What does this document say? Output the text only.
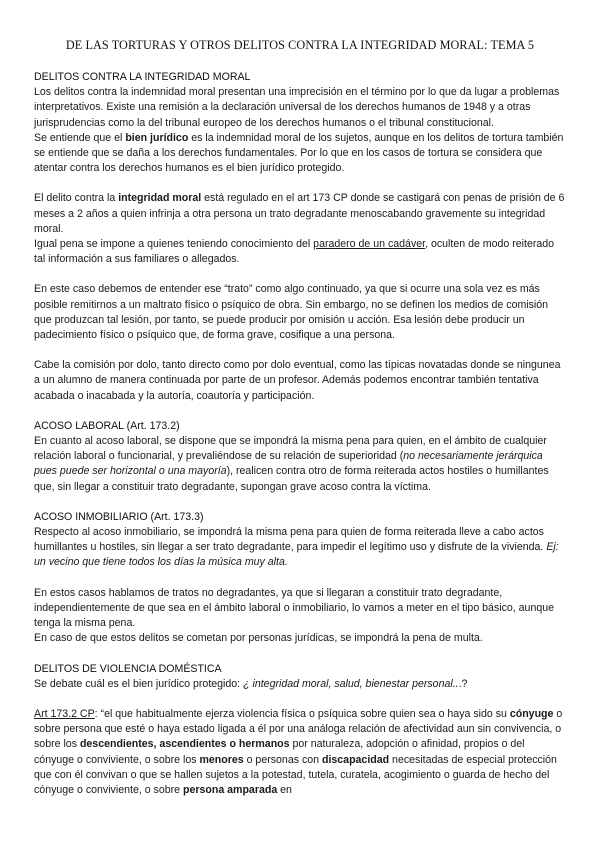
DE LAS TORTURAS Y OTROS DELITOS CONTRA LA INTEGRIDAD MORAL: TEMA 5
DELITOS CONTRA LA INTEGRIDAD MORAL

Los delitos contra la indemnidad moral presentan una imprecisión en el término por lo que da lugar a problemas interpretativos. Existe una remisión a la declaración universal de los derechos humanos de 1948 y a otras jurisprudencias como la del tribunal europeo de los derechos humanos o el tribunal constitucional.

Se entiende que el bien jurídico es la indemnidad moral de los sujetos, aunque en los delitos de tortura también se entiende que se daña a los derechos fundamentales. Por lo que en los casos de tortura se considera que atentar contra los derechos humanos es el bien jurídico protegido.

El delito contra la integridad moral está regulado en el art 173 CP donde se castigará con penas de prisión de 6 meses a 2 años a quien infrinja a otra persona un trato degradante menoscabando gravemente su integridad moral.

Igual pena se impone a quienes teniendo conocimiento del paradero de un cadáver, oculten de modo reiterado tal información a sus familiares o allegados.

En este caso debemos de entender ese “trato” como algo continuado, ya que si ocurre una sola vez es más posible remitirnos a un maltrato físico o psíquico de obra. Sin embargo, no se definen los medios de comisión que produzcan tal lesión, por tanto, se puede producir por omisión u acción. Esa lesión debe producir un padecimiento físico o psíquico que, de forma grave, cosifique a una persona.

Cabe la comisión por dolo, tanto directo como por dolo eventual, como las típicas novatadas donde se ningunea a un alumno de manera continuada por parte de un profesor. Además podemos encontrar también tentativa acabada o inacabada y la autoría, coautoría y participación.

ACOSO LABORAL (Art. 173.2)

En cuanto al acoso laboral, se dispone que se impondrá la misma pena para quien, en el ámbito de cualquier relación laboral o funcionarial, y prevaliéndose de su relación de superioridad (no necesariamente jerárquica pues puede ser horizontal o una mayoría), realicen contra otro de forma reiterada actos hostiles o humillantes que, sin llegar a constituir trato degradante, supongan grave acoso contra la víctima.

ACOSO INMOBILIARIO (Art. 173.3)

Respecto al acoso inmobiliario, se impondrá la misma pena para quien de forma reiterada lleve a cabo actos humillantes u hostiles, sin llegar a ser trato degradante, para impedir el legítimo uso y disfrute de la vivienda. Ej: un vecino que tiene todos los días la música muy alta.

En estos casos hablamos de tratos no degradantes, ya que si llegaran a constituir trato degradante, independientemente de que sea en el ámbito laboral o inmobiliario, lo vamos a meter en el tipo básico, aunque tenga la misma pena.

En caso de que estos delitos se cometan por personas jurídicas, se impondrá la pena de multa.

DELITOS DE VIOLENCIA DOMÉSTICA

Se debate cuál es el bien jurídico protegido: ¿ integridad moral, salud, bienestar personal...?

Art 173.2 CP: “el que habitualmente ejerza violencia física o psíquica sobre quien sea o haya sido su cónyuge o sobre persona que esté o haya estado ligada a él por una análoga relación de afectividad aun sin convivencia, o sobre los descendientes, ascendientes o hermanos por naturaleza, adopción o afinidad, propios o del cónyuge o conviviente, o sobre los menores o personas con discapacidad necesitadas de especial protección que con él convivan o que se hallen sujetos a la potestad, tutela, curatela, acogimiento o guarda de hecho del cónyuge o conviviente, o sobre persona amparada en
